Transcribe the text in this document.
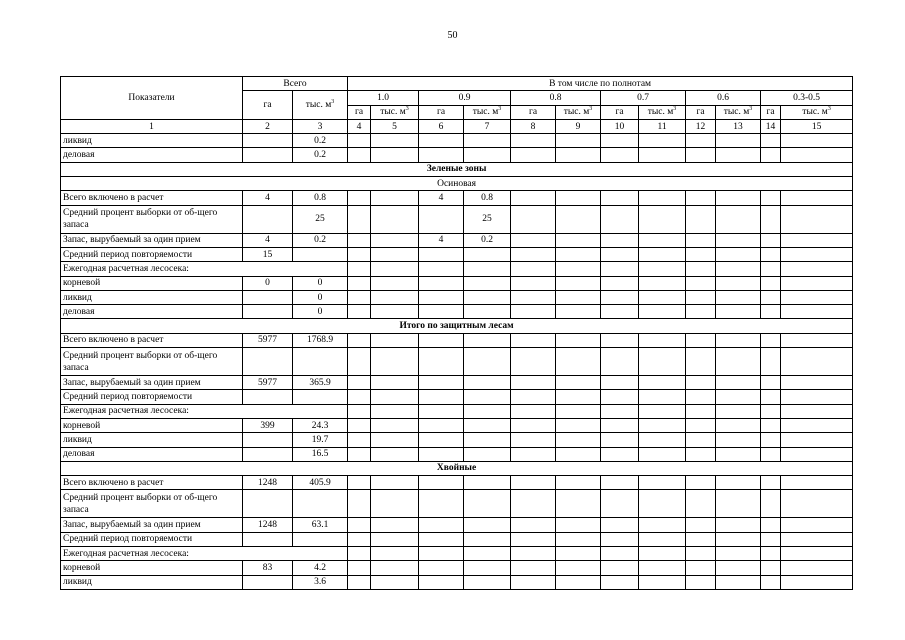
50
Показатели	Всего		В том числе по полнотам											
	га	тыс. $м^3$	1.0		0.9		0.8		0.7		0.6		0.3-0.5	
			га	тыс. $м^3$	га	тыс. $м^3$	га	тыс. $м^3$	га	тыс. $м^3$	га	тыс. $м^3$	га	тыс. $м^3$
1	2	3	4	5	6	7	8	9	10	11	12	13	14	15
ликвид		0.2												
деловая		0.2												
Зеленые зоны														
Осиновая														
Всего включено в расчет	4	0.8			4	0.8								
Средний процент выборки от об-щего запаса		25				25								
Запас, вырубаемый за один прием	4	0.2			4	0.2								
Средний период повторяемости	15													
Ежегодная расчетная лесосека:														
корневой	0	0												
ликвид		0												
деловая		0												
Итого по защитным лесам														
Всего включено в расчет	5977	1768.9												
Средний процент выборки от об-щего запаса														
Запас, вырубаемый за один прием	5977	365.9												
Средний период повторяемости														
Ежегодная расчетная лесосека:														
корневой	399	24.3												
ликвид		19.7												
деловая		16.5												
Хвойные														
Всего включено в расчет	1248	405.9												
Средний процент выборки от об-щего запаса														
Запас, вырубаемый за один прием	1248	63.1												
Средний период повторяемости														
Ежегодная расчетная лесосека:														
корневой	83	4.2												
ликвид		3.6												
